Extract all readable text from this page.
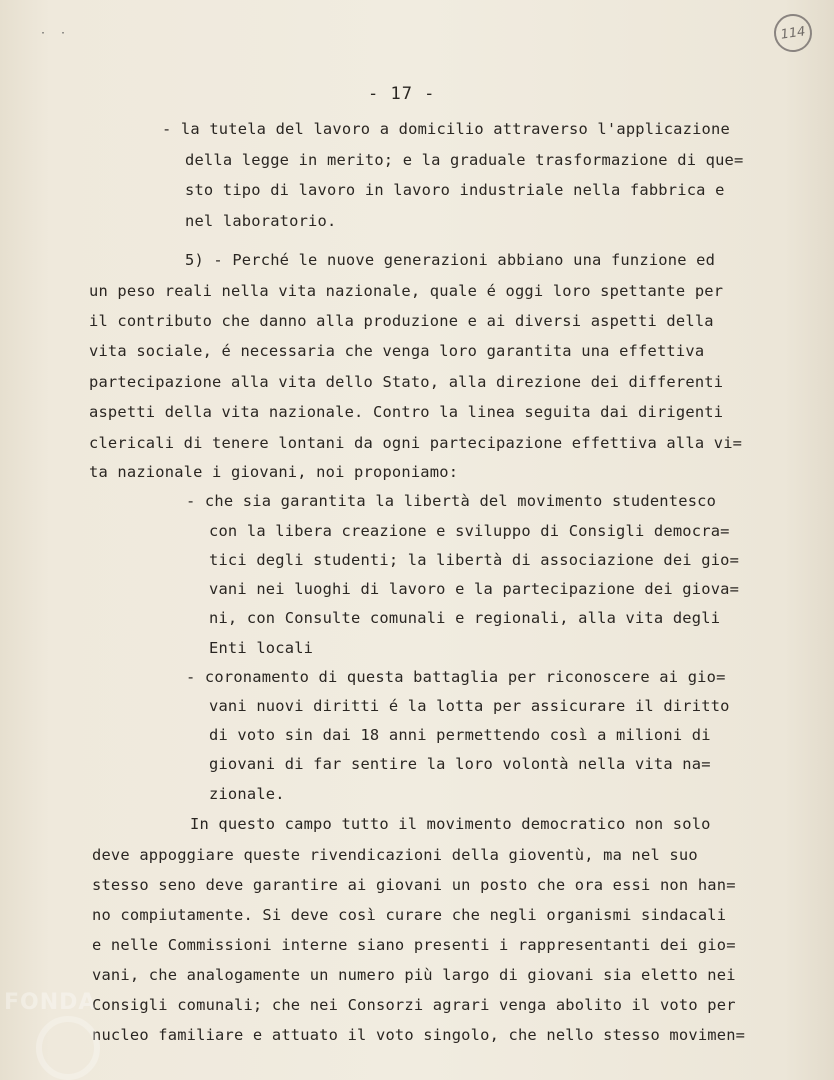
· ·	114
- 17 -
- la tutela del lavoro a domicilio attraverso l'applicazione
della legge in merito; e la graduale trasformazione di que=
sto tipo di lavoro in lavoro industriale nella fabbrica e
nel laboratorio.
5) - Perché le nuove generazioni abbiano una funzione ed
un peso reali nella vita nazionale, quale é oggi loro spettante per
il contributo che danno alla produzione e ai diversi aspetti della
vita sociale, é necessaria che venga loro garantita una effettiva
partecipazione alla vita dello Stato, alla direzione dei differenti
aspetti della vita nazionale. Contro la linea seguita dai dirigenti
clericali di tenere lontani da ogni partecipazione effettiva alla vi=
ta nazionale i giovani, noi proponiamo:
- che sia garantita la libertà del movimento studentesco
con la libera creazione e sviluppo di Consigli democra=
tici degli studenti; la libertà di associazione dei gio=
vani nei luoghi di lavoro e la partecipazione dei giova=
ni, con Consulte comunali e regionali, alla vita degli
Enti locali
- coronamento di questa battaglia per riconoscere ai gio=
vani nuovi diritti é la lotta per assicurare il diritto
di voto sin dai 18 anni permettendo così a milioni di
giovani di far sentire la loro volontà nella vita na=
zionale.
In questo campo tutto il movimento democratico non solo
deve appoggiare queste rivendicazioni della gioventù, ma nel suo
stesso seno deve garantire ai giovani un posto che ora essi non han=
no compiutamente. Si deve così curare che negli organismi sindacali
e nelle Commissioni interne siano presenti i rappresentanti dei gio=
vani, che analogamente un numero più largo di giovani sia eletto nei
Consigli comunali; che nei Consorzi agrari venga abolito il voto per
nucleo familiare e attuato il voto singolo, che nello stesso movimen=
FONDA
